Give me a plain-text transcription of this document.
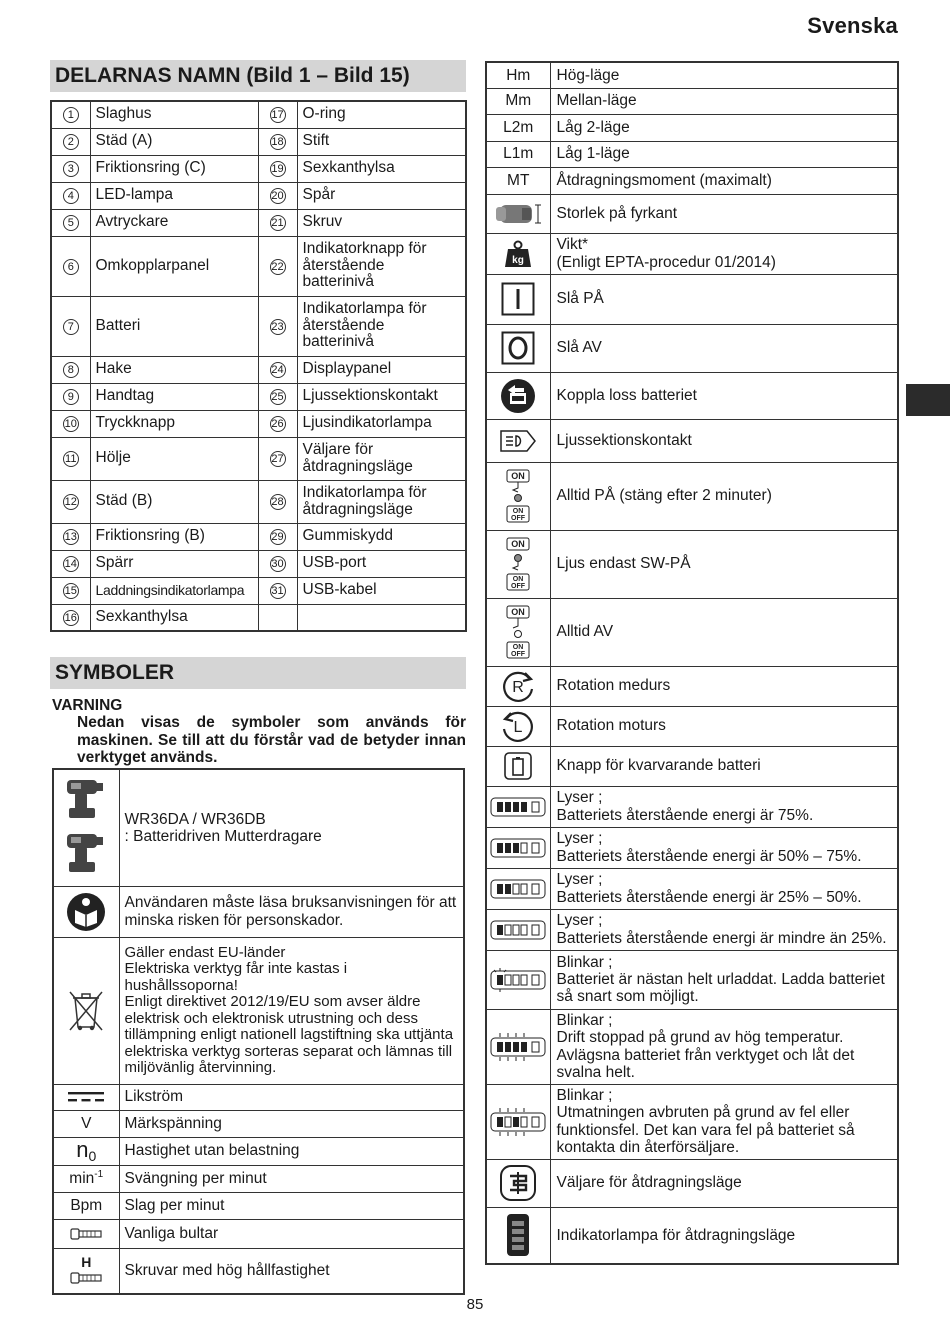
Svenska
DELARNAS NAMN (Bild 1 – Bild 15)
1	Slaghus	17	O-ring
2	Städ (A)	18	Stift
3	Friktionsring (C)	19	Sexkanthylsa
4	LED-lampa	20	Spår
5	Avtryckare	21	Skruv
6	Omkopplarpanel	22	Indikatorknapp för återstående batterinivå
7	Batteri	23	Indikatorlampa för återstående batterinivå
8	Hake	24	Displaypanel
9	Handtag	25	Ljussektionskontakt
10	Tryckknapp	26	Ljusindikatorlampa
11	Hölje	27	Väljare för åtdragningsläge
12	Städ (B)	28	Indikatorlampa för åtdragningsläge
13	Friktionsring (B)	29	Gummiskydd
14	Spärr	30	USB-port
15	Laddningsindikatorlampa	31	USB-kabel
16	Sexkanthylsa		
SYMBOLER
VARNING
Nedan visas de symboler som används för maskinen. Se till att du förstår vad de betyder innan verktyget används.
	WR36DA / WR36DB
: Batteridriven Mutterdragare
	Användaren måste läsa bruksanvisningen för att minska risken för personskador.
	Gäller endast EU-länder
Elektriska verktyg får inte kastas i hushållssoporna!
Enligt direktivet 2012/19/EU som avser äldre elektrisk och elektronisk utrustning och dess tillämpning enligt nationell lagstiftning ska uttjänta elektriska verktyg sorteras separat och lämnas till miljövänlig återvinning.
	Likström
V	Märkspänning
n0	Hastighet utan belastning
$\min^{-1}$	Svängning per minut
Bpm	Slag per minut
	Vanliga bultar

H	Skruvar med hög hållfastighet
Hm	Hög-läge
Mm	Mellan-läge
L2m	Låg 2-läge
L1m	Låg 1-läge
MT	Åtdragningsmoment (maximalt)
	Storlek på fyrkant

kg	Vikt*
(Enligt EPTA-procedur 01/2014)
	Slå PÅ
	Slå AV
	Koppla loss batteriet
	Ljussektionskontakt

ON
ON
OFF	Alltid PÅ (stäng efter 2 minuter)

ON
ON
OFF	Ljus endast SW-PÅ

ON
ON
OFF	Alltid AV

R	Rotation medurs

L	Rotation moturs
	Knapp för kvarvarande batteri
	Lyser ;
Batteriets återstående energi är 75%.
	Lyser ;
Batteriets återstående energi är 50% – 75%.
	Lyser ;
Batteriets återstående energi är 25% – 50%.
	Lyser ;
Batteriets återstående energi är mindre än 25%.
	Blinkar ;
Batteriet är nästan helt urladdat. Ladda batteriet så snart som möjligt.
	Blinkar ;
Drift stoppad på grund av hög temperatur.
Avlägsna batteriet från verktyget och låt det svalna helt.
	Blinkar ;
Utmatningen avbruten på grund av fel eller funktionsfel. Det kan vara fel på batteriet så kontakta din återförsäljare.
	Väljare för åtdragningsläge
	Indikatorlampa för åtdragningsläge
85
